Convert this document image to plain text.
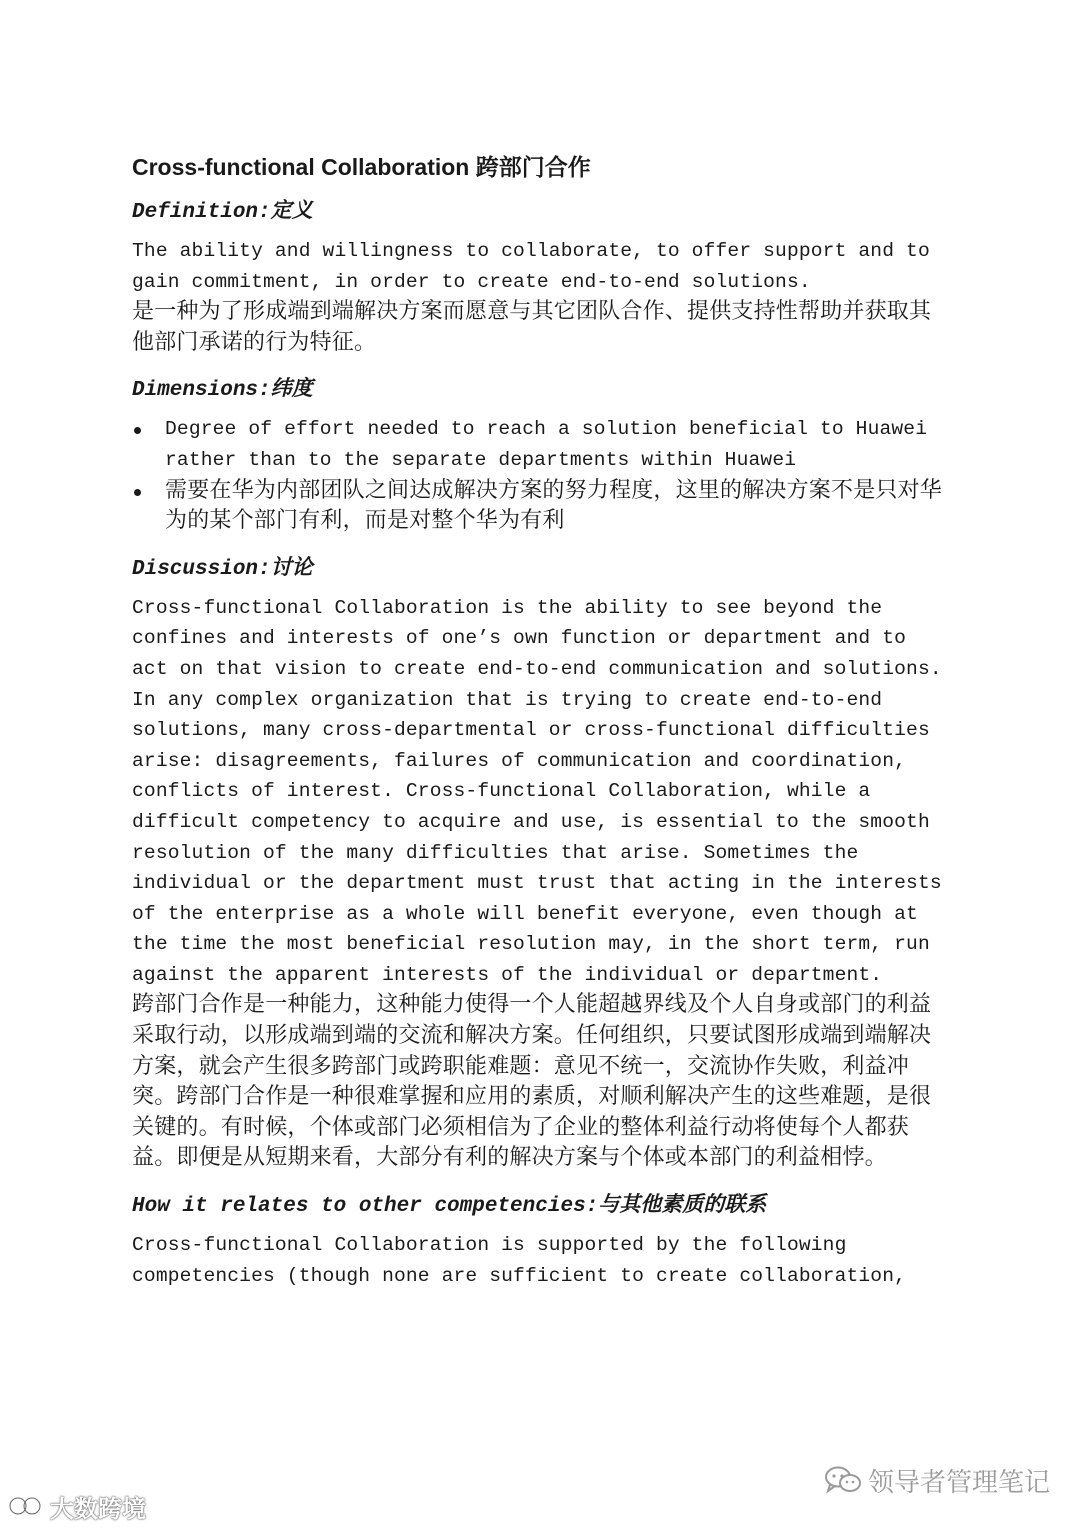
Cross-functional Collaboration 跨部门合作
Definition:定义

The ability and willingness to collaborate, to offer support and to
gain commitment, in order to create end-to-end solutions.

是一种为了形成端到端解决方案而愿意与其它团队合作、提供支持性帮助并获取其他部门承诺的行为特征。

Dimensions:纬度
Degree of effort needed to reach a solution beneficial to Huawei
rather than to the separate departments within Huawei
需要在华为内部团队之间达成解决方案的努力程度，这里的解决方案不是只对华为的某个部门有利，而是对整个华为有利
Discussion:讨论

Cross-functional Collaboration is the ability to see beyond the
confines and interests of one’s own function or department and to
act on that vision to create end-to-end communication and solutions.
In any complex organization that is trying to create end-to-end
solutions, many cross-departmental or cross-functional difficulties
arise: disagreements, failures of communication and coordination,
conflicts of interest. Cross-functional Collaboration, while a
difficult competency to acquire and use, is essential to the smooth
resolution of the many difficulties that arise. Sometimes the
individual or the department must trust that acting in the interests
of the enterprise as a whole will benefit everyone, even though at
the time the most beneficial resolution may, in the short term, run
against the apparent interests of the individual or department.

跨部门合作是一种能力，这种能力使得一个人能超越界线及个人自身或部门的利益采取行动，以形成端到端的交流和解决方案。任何组织，只要试图形成端到端解决方案，就会产生很多跨部门或跨职能难题：意见不统一，交流协作失败，利益冲突。跨部门合作是一种很难掌握和应用的素质，对顺利解决产生的这些难题，是很关键的。有时候，个体或部门必须相信为了企业的整体利益行动将使每个人都获益。即便是从短期来看，大部分有利的解决方案与个体或本部门的利益相悖。

How it relates to other competencies:与其他素质的联系

Cross-functional Collaboration is supported by the following
competencies (though none are sufficient to create collaboration,

领导者管理笔记
大数跨境
